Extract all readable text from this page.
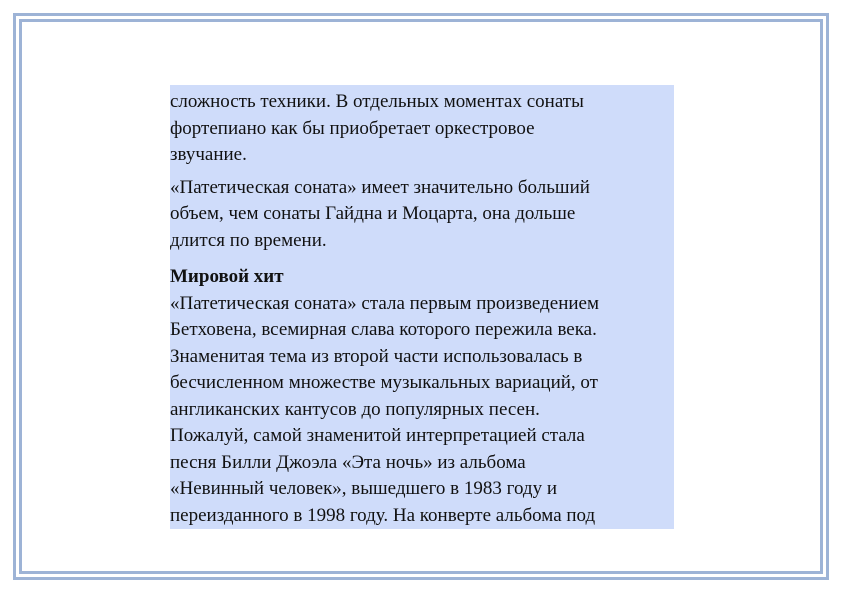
сложность техники. В отдельных моментах сонаты
фортепиано как бы приобретает оркестровое
звучание.

«Патетическая соната» имеет значительно больший
объем, чем сонаты Гайдна и Моцарта, она дольше
длится по времени.

Мировой хит

«Патетическая соната» стала первым произведением
Бетховена, всемирная слава которого пережила века.
Знаменитая тема из второй части использовалась в
бесчисленном множестве музыкальных вариаций, от
англиканских кантусов до популярных песен.
Пожалуй, самой знаменитой интерпретацией стала
песня Билли Джоэла «Эта ночь» из альбома
«Невинный человек», вышедшего в 1983 году и
переизданного в 1998 году. На конверте альбома под
